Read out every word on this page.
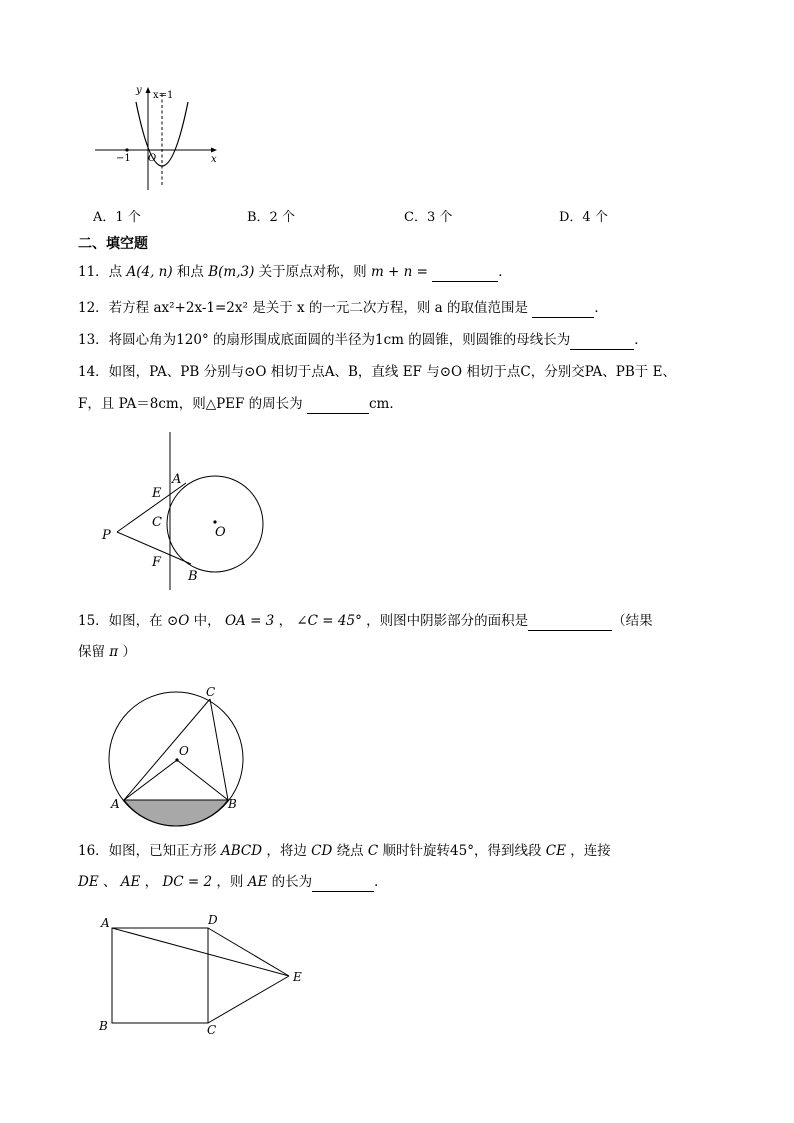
y
x
x=1
O
−1
A．1 个	B．2 个	C．3 个	D．4 个
二、填空题
11．点 A(4, n) 和点 B(m,3) 关于原点对称，则 m + n =	．
12．若方程 ax²+2x-1=2x² 是关于 x 的一元二次方程，则 a 的取值范围是	．
13．将圆心角为120° 的扇形围成底面圆的半径为1cm 的圆锥，则圆锥的母线长为	．
14．如图，PA、PB 分别与⊙O 相切于点A、B，直线 EF 与⊙O 相切于点C，分别交PA、PB于 E、
F，且 PA＝8cm，则△PEF 的周长为	cm．
A
E
C
P	O
F
B
15．如图，在 ⊙O 中， OA = 3 ， ∠C = 45° ，则图中阴影部分的面积是	（结果
保留 π ）
C
O
A	B
16．如图，已知正方形 ABCD ，将边 CD 绕点 C 顺时针旋转45°，得到线段 CE ，连接
DE 、 AE ， DC = 2 ，则 AE 的长为	．
A	D
E
B	C
